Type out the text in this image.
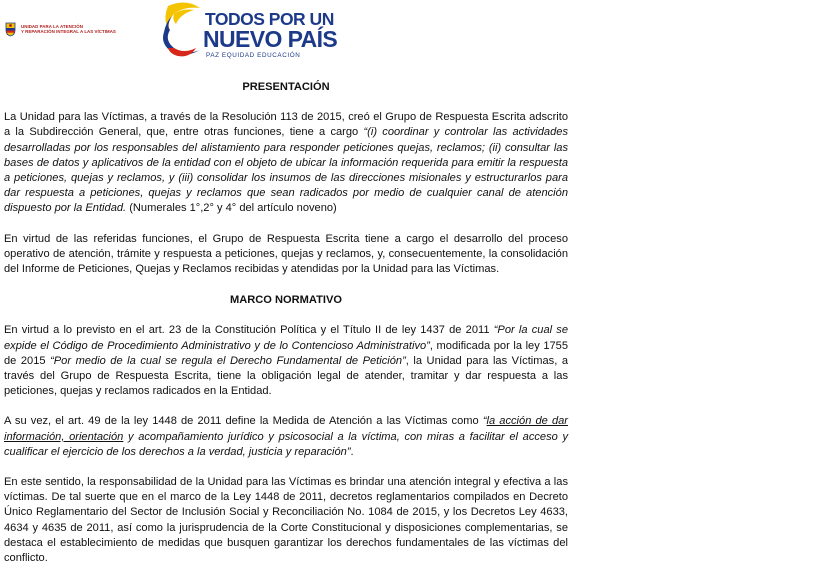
UNIDAD PARA LA ATENCIÓN
Y REPARACIÓN INTEGRAL A LAS VÍCTIMAS
TODOS POR UN
NUEVO PAÍS
PAZ EQUIDAD EDUCACIÓN

PRESENTACIÓN

La Unidad para las Víctimas, a través de la Resolución 113 de 2015, creó el Grupo de Respuesta Escrita adscrito a la Subdirección General, que, entre otras funciones, tiene a cargo “(i) coordinar y controlar las actividades desarrolladas por los responsables del alistamiento para responder peticiones quejas, reclamos; (ii) consultar las bases de datos y aplicativos de la entidad con el objeto de ubicar la información requerida para emitir la respuesta a peticiones, quejas y reclamos, y (iii) consolidar los insumos de las direcciones misionales y estructurarlos para dar respuesta a peticiones, quejas y reclamos que sean radicados por medio de cualquier canal de atención dispuesto por la Entidad. (Numerales 1°,2° y 4° del artículo noveno)

En virtud de las referidas funciones, el Grupo de Respuesta Escrita tiene a cargo el desarrollo del proceso operativo de atención, trámite y respuesta a peticiones, quejas y reclamos, y, consecuentemente, la consolidación del Informe de Peticiones, Quejas y Reclamos recibidas y atendidas por la Unidad para las Víctimas.

MARCO NORMATIVO

En virtud a lo previsto en el art. 23 de la Constitución Política y el Título II de ley 1437 de 2011 “Por la cual se expide el Código de Procedimiento Administrativo y de lo Contencioso Administrativo”, modificada por la ley 1755 de 2015 “Por medio de la cual se regula el Derecho Fundamental de Petición”, la Unidad para las Víctimas, a través del Grupo de Respuesta Escrita, tiene la obligación legal de atender, tramitar y dar respuesta a las peticiones, quejas y reclamos radicados en la Entidad.

A su vez, el art. 49 de la ley 1448 de 2011 define la Medida de Atención a las Víctimas como “la acción de dar información, orientación y acompañamiento jurídico y psicosocial a la víctima, con miras a facilitar el acceso y cualificar el ejercicio de los derechos a la verdad, justicia y reparación”.

En este sentido, la responsabilidad de la Unidad para las Víctimas es brindar una atención integral y efectiva a las víctimas. De tal suerte que en el marco de la Ley 1448 de 2011, decretos reglamentarios compilados en Decreto Único Reglamentario del Sector de Inclusión Social y Reconciliación No. 1084 de 2015, y los Decretos Ley 4633, 4634 y 4635 de 2011, así como la jurisprudencia de la Corte Constitucional y disposiciones complementarias, se destaca el establecimiento de medidas que busquen garantizar los derechos fundamentales de las víctimas del conflicto.
